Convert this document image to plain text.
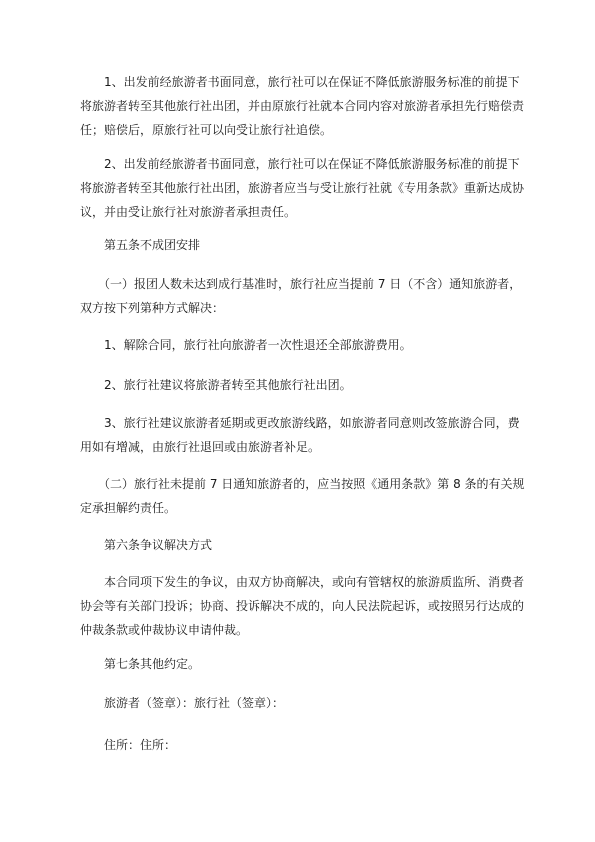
　　1、出发前经旅游者书面同意，旅行社可以在保证不降低旅游服务标准的前提下
将旅游者转至其他旅行社出团，并由原旅行社就本合同内容对旅游者承担先行赔偿责
任；赔偿后，原旅行社可以向受让旅行社追偿。
　　2、出发前经旅游者书面同意，旅行社可以在保证不降低旅游服务标准的前提下
将旅游者转至其他旅行社出团，旅游者应当与受让旅行社就《专用条款》重新达成协
议，并由受让旅行社对旅游者承担责任。
第五条不成团安排
　　（一）报团人数未达到成行基准时，旅行社应当提前 7 日（不含）通知旅游者，
双方按下列第种方式解决：
　　1、解除合同，旅行社向旅游者一次性退还全部旅游费用。
　　2、旅行社建议将旅游者转至其他旅行社出团。
　　3、旅行社建议旅游者延期或更改旅游线路，如旅游者同意则改签旅游合同，费
用如有增减，由旅行社退回或由旅游者补足。
　　（二）旅行社未提前 7 日通知旅游者的，应当按照《通用条款》第 8 条的有关规
定承担解约责任。
第六条争议解决方式
　　本合同项下发生的争议，由双方协商解决，或向有管辖权的旅游质监所、消费者
协会等有关部门投诉；协商、投诉解决不成的，向人民法院起诉，或按照另行达成的
仲裁条款或仲裁协议申请仲裁。
第七条其他约定。
旅游者（签章）：旅行社（签章）：
住所：住所：
